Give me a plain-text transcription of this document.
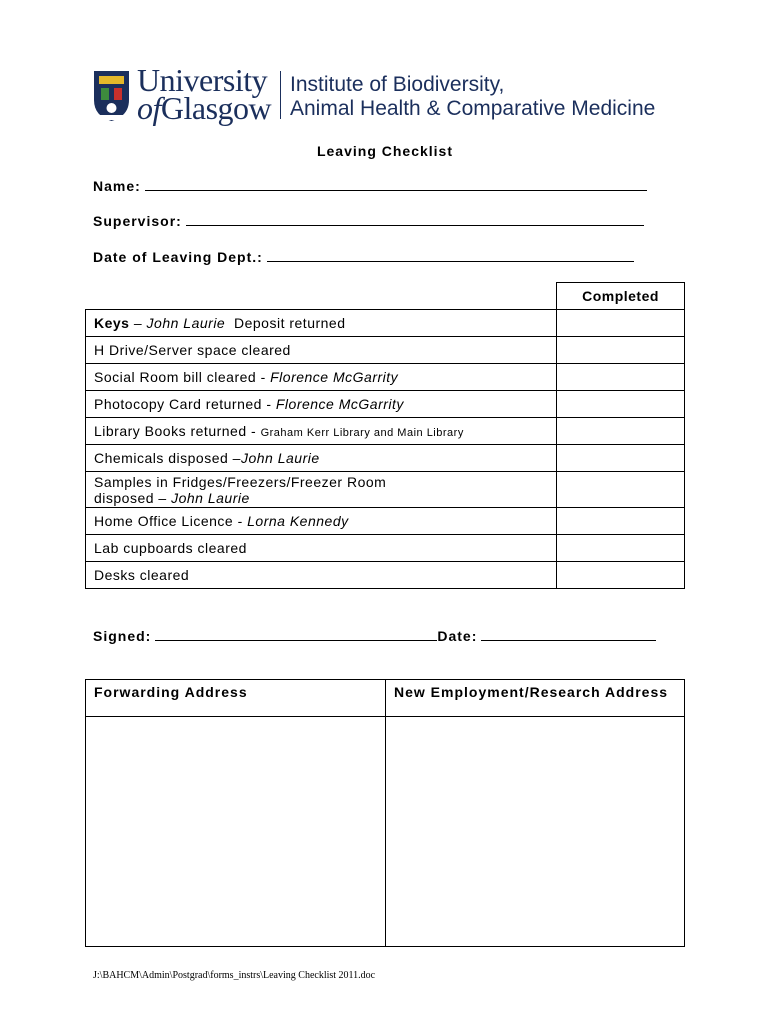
University
ofGlasgow
Institute of Biodiversity,
Animal Health & Comparative Medicine
Leaving Checklist
Name:
Supervisor:
Date of Leaving Dept.:
	Completed
Keys – John Laurie  Deposit returned	
H Drive/Server space cleared	
Social Room bill cleared - Florence McGarrity	
Photocopy Card returned - Florence McGarrity	
Library Books returned - Graham Kerr Library and Main Library	
Chemicals disposed –John Laurie	
Samples in Fridges/Freezers/Freezer Room
disposed – John Laurie	
Home Office Licence - Lorna Kennedy	
Lab cupboards cleared	
Desks cleared	
Signed:	Date:
Forwarding Address	New Employment/Research Address

J:\BAHCM\Admin\Postgrad\forms_instrs\Leaving Checklist 2011.doc
